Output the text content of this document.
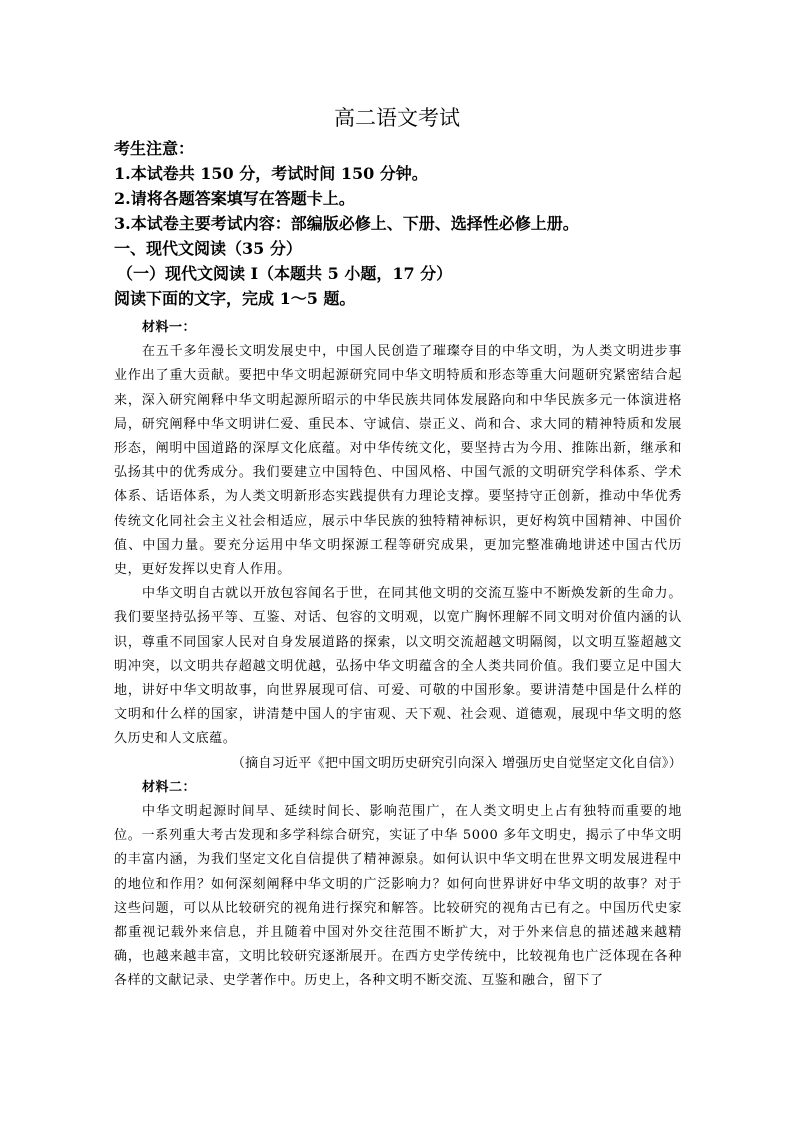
高二语文考试
考生注意：
1.本试卷共 150 分，考试时间 150 分钟。
2.请将各题答案填写在答题卡上。
3.本试卷主要考试内容：部编版必修上、下册、选择性必修上册。
一、现代文阅读（35 分）
（一）现代文阅读 I（本题共 5 小题，17 分）
阅读下面的文字，完成 1～5 题。

材料一：

在五千多年漫长文明发展史中，中国人民创造了璀璨夺目的中华文明，为人类文明进步事业作出了重大贡献。要把中华文明起源研究同中华文明特质和形态等重大问题研究紧密结合起来，深入研究阐释中华文明起源所昭示的中华民族共同体发展路向和中华民族多元一体演进格局，研究阐释中华文明讲仁爱、重民本、守诚信、崇正义、尚和合、求大同的精神特质和发展形态，阐明中国道路的深厚文化底蕴。对中华传统文化，要坚持古为今用、推陈出新，继承和弘扬其中的优秀成分。我们要建立中国特色、中国风格、中国气派的文明研究学科体系、学术体系、话语体系，为人类文明新形态实践提供有力理论支撑。要坚持守正创新，推动中华优秀传统文化同社会主义社会相适应，展示中华民族的独特精神标识，更好构筑中国精神、中国价值、中国力量。要充分运用中华文明探源工程等研究成果，更加完整准确地讲述中国古代历史，更好发挥以史育人作用。

中华文明自古就以开放包容闻名于世，在同其他文明的交流互鉴中不断焕发新的生命力。我们要坚持弘扬平等、互鉴、对话、包容的文明观，以宽广胸怀理解不同文明对价值内涵的认识，尊重不同国家人民对自身发展道路的探索，以文明交流超越文明隔阂，以文明互鉴超越文明冲突，以文明共存超越文明优越，弘扬中华文明蕴含的全人类共同价值。我们要立足中国大地，讲好中华文明故事，向世界展现可信、可爱、可敬的中国形象。要讲清楚中国是什么样的文明和什么样的国家，讲清楚中国人的宇宙观、天下观、社会观、道德观，展现中华文明的悠久历史和人文底蕴。

（摘自习近平《把中国文明历史研究引向深入 增强历史自觉坚定文化自信》）

材料二：

中华文明起源时间早、延续时间长、影响范围广，在人类文明史上占有独特而重要的地位。一系列重大考古发现和多学科综合研究，实证了中华 5000 多年文明史，揭示了中华文明的丰富内涵，为我们坚定文化自信提供了精神源泉。如何认识中华文明在世界文明发展进程中的地位和作用？如何深刻阐释中华文明的广泛影响力？如何向世界讲好中华文明的故事？对于这些问题，可以从比较研究的视角进行探究和解答。比较研究的视角古已有之。中国历代史家都重视记载外来信息，并且随着中国对外交往范围不断扩大，对于外来信息的描述越来越精确，也越来越丰富，文明比较研究逐渐展开。在西方史学传统中，比较视角也广泛体现在各种各样的文献记录、史学著作中。历史上，各种文明不断交流、互鉴和融合，留下了
